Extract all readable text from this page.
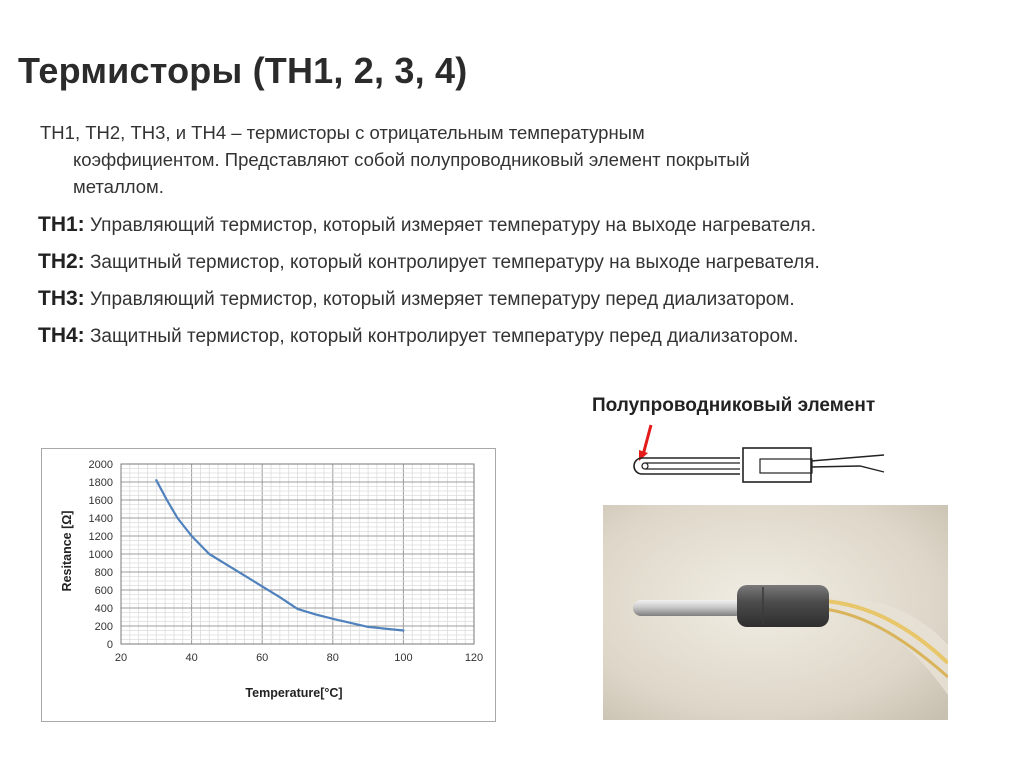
Термисторы (ТН1, 2, 3, 4)

ТН1, ТН2, ТН3, и ТН4 – термисторы с отрицательным температурным
коэффициентом. Представляют собой полупроводниковый элемент покрытый
металлом.

ТН1: Управляющий термистор, который измеряет температуру на выходе нагревателя.
ТН2: Защитный термистор, который контролирует температуру на выходе нагревателя.
ТН3: Управляющий термистор, который измеряет температуру перед диализатором.
ТН4: Защитный термистор, который контролирует температуру перед диализатором.
Полупроводниковый элемент
0
200
400
600
800
1000
1200
1400
1600
1800
2000
20	40	60	80	100	120
Temperature[°C]
Resitance [Ω]
